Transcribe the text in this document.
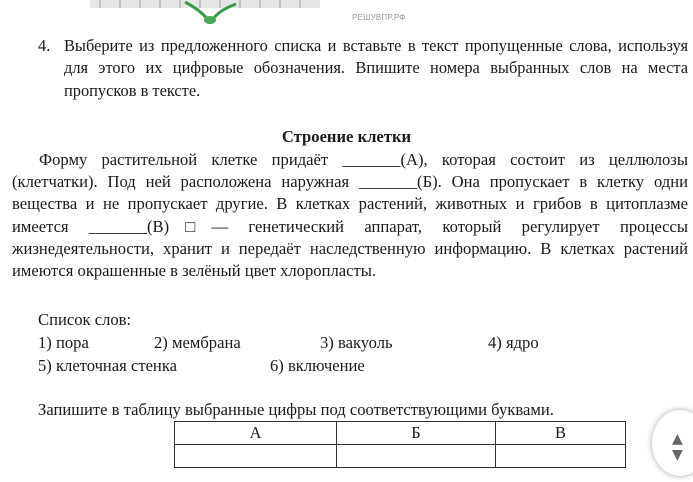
РЕШУВПР.РФ
4. Выберите из предложенного списка и вставьте в текст пропущенные слова, используя для этого их цифровые обозначения. Впишите номера выбранных слов на места пропусков в тексте.
Строение клетки
Форму растительной клетке придаёт _______(А), которая состоит из целлюлозы (клетчатки). Под ней расположена наружная _______(Б). Она пропускает в клетку одни вещества и не пропускает другие. В клетках растений, животных и грибов в цитоплазме имеется _______(В)□— генетический аппарат, который регулирует процессы жизнедеятельности, хранит и передаёт наследственную информацию. В клетках растений имеются окрашенные в зелёный цвет хлоропласты.
Список слов:
1) пора	2) мембрана	3) вакуоль	4) ядро
5) клеточная стенка	6) включение
Запишите в таблицу выбранные цифры под соответствующими буквами.
А	Б	В
			▲
▼
